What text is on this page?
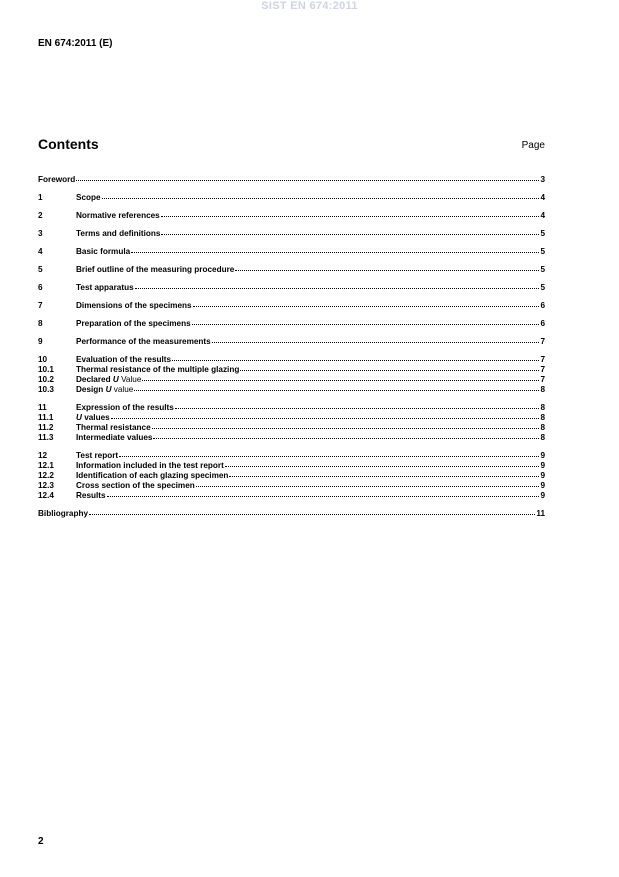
SIST EN 674:2011
EN 674:2011 (E)
Contents	Page
Foreword	3
1	Scope	4
2	Normative references	4
3	Terms and definitions	5
4	Basic formula	5
5	Brief outline of the measuring procedure	5
6	Test apparatus	5
7	Dimensions of the specimens	6
8	Preparation of the specimens	6
9	Performance of the measurements	7
10	Evaluation of the results	7
10.1	Thermal resistance of the multiple glazing	7
10.2	Declared U Value	7
10.3	Design U value	8
11	Expression of the results	8
11.1	U values	8
11.2	Thermal resistance	8
11.3	Intermediate values	8
12	Test report	9
12.1	Information included in the test report	9
12.2	Identification of each glazing specimen	9
12.3	Cross section of the specimen	9
12.4	Results	9
Bibliography	11
2
